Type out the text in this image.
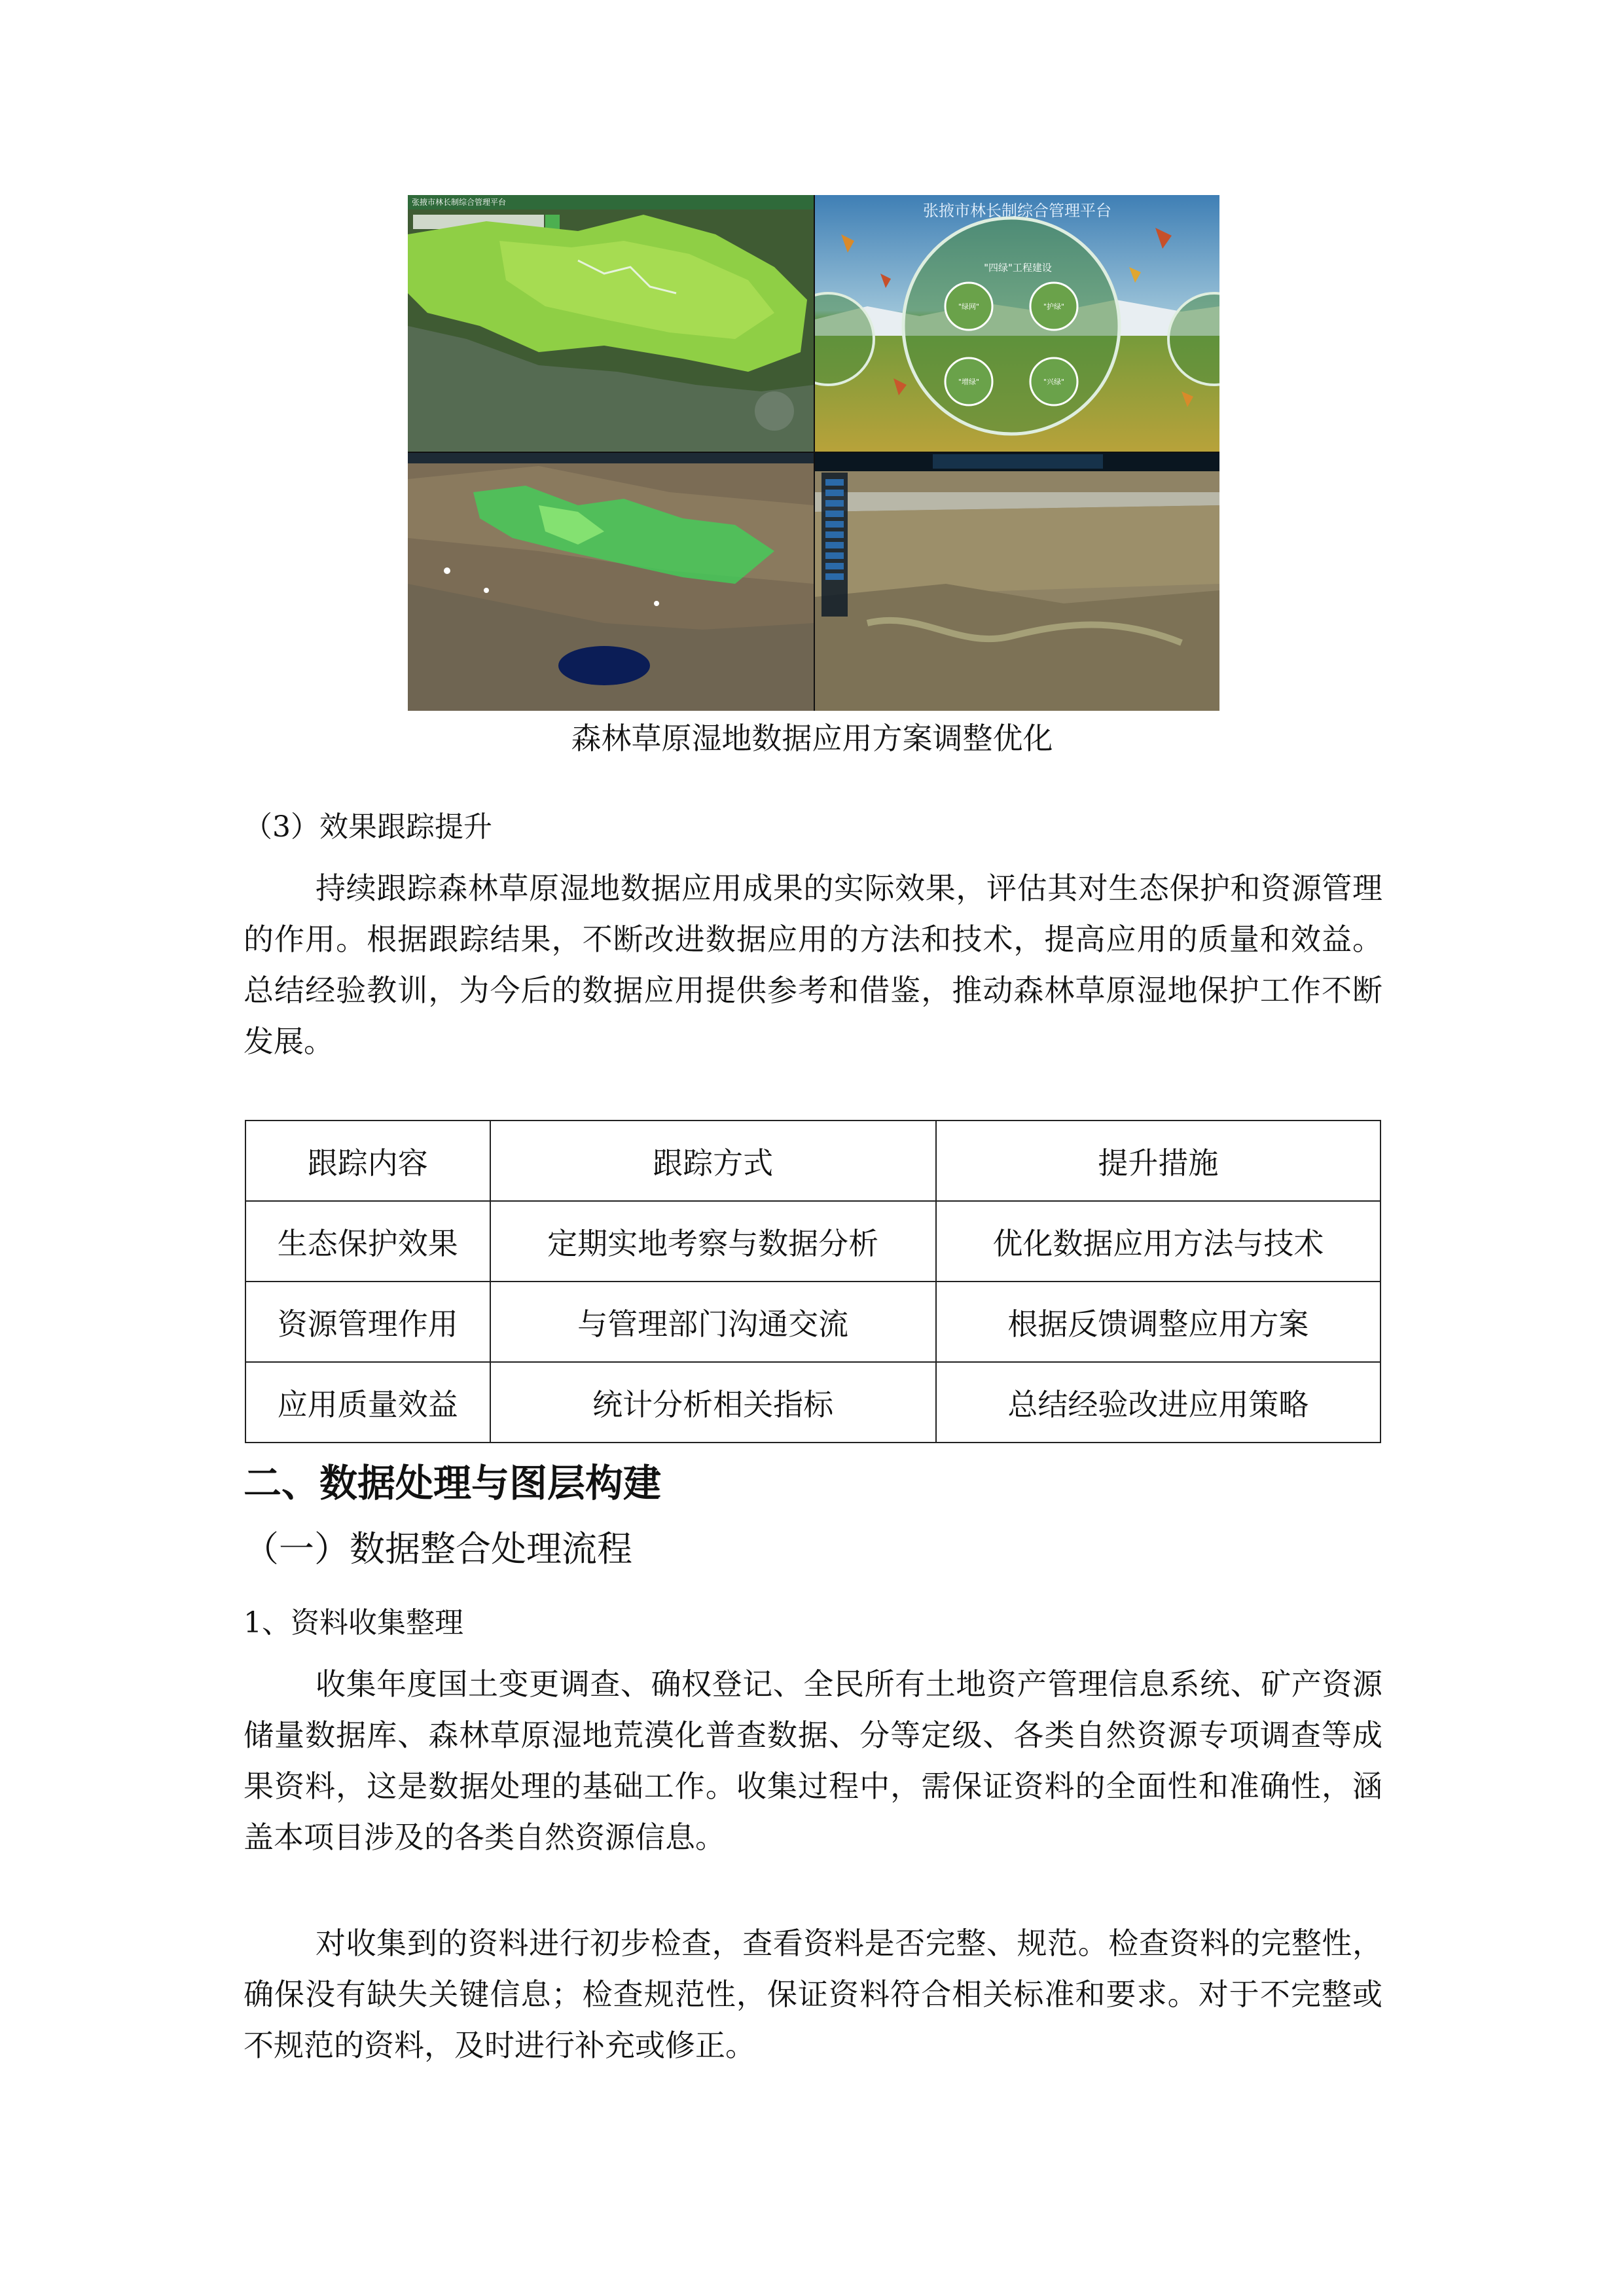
张掖市林长制综合管理平台	张掖市林长制综合管理平台
"四绿"工程建设
"绿网"	"护绿"
"增绿"	"兴绿"
森林草原湿地数据应用方案调整优化
（3）效果跟踪提升

持续跟踪森林草原湿地数据应用成果的实际效果，评估其对生态保护和资源管理的作用。根据跟踪结果，不断改进数据应用的方法和技术，提高应用的质量和效益。总结经验教训，为今后的数据应用提供参考和借鉴，推动森林草原湿地保护工作不断发展。

跟踪内容	跟踪方式	提升措施
生态保护效果	定期实地考察与数据分析	优化数据应用方法与技术
资源管理作用	与管理部门沟通交流	根据反馈调整应用方案
应用质量效益	统计分析相关指标	总结经验改进应用策略
二、数据处理与图层构建
（一）数据整合处理流程
1、资料收集整理

收集年度国土变更调查、确权登记、全民所有土地资产管理信息系统、矿产资源储量数据库、森林草原湿地荒漠化普查数据、分等定级、各类自然资源专项调查等成果资料，这是数据处理的基础工作。收集过程中，需保证资料的全面性和准确性，涵盖本项目涉及的各类自然资源信息。

对收集到的资料进行初步检查，查看资料是否完整、规范。检查资料的完整性，确保没有缺失关键信息；检查规范性，保证资料符合相关标准和要求。对于不完整或不规范的资料，及时进行补充或修正。
